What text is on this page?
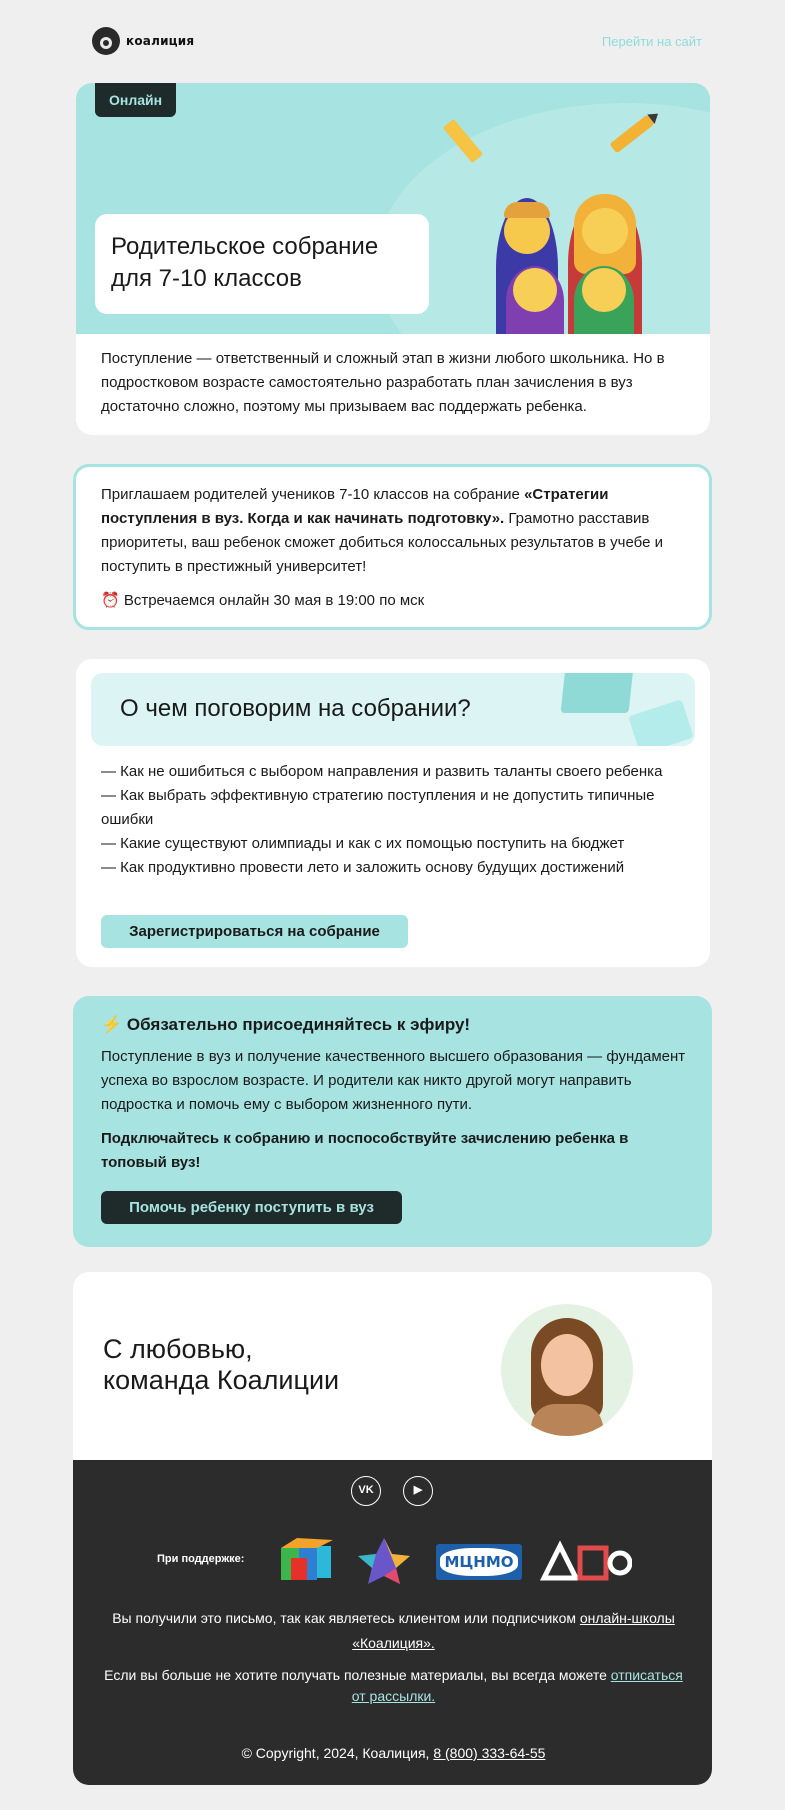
коалиция	Перейти на сайт
Онлайн
Родительское собрание для 7-10 классов
Поступление — ответственный и сложный этап в жизни любого школьника. Но в подростковом возрасте самостоятельно разработать план зачисления в вуз достаточно сложно, поэтому мы призываем вас поддержать ребенка.

Приглашаем родителей учеников 7-10 классов на собрание «Стратегии поступления в вуз. Когда и как начинать подготовку». Грамотно расставив приоритеты, ваш ребенок сможет добиться колоссальных результатов в учебе и поступить в престижный университет!

⏰ Встречаемся онлайн 30 мая в 19:00 по мск

О чем поговорим на собрании?
— Как не ошибиться с выбором направления и развить таланты своего ребенка
— Как выбрать эффективную стратегию поступления и не допустить типичные ошибки
— Какие существуют олимпиады и как с их помощью поступить на бюджет
— Как продуктивно провести лето и заложить основу будущих достижений
Зарегистрироваться на собрание
⚡ Обязательно присоединяйтесь к эфиру!
Поступление в вуз и получение качественного высшего образования — фундамент успеха во взрослом возрасте. И родители как никто другой могут направить подростка и помочь ему с выбором жизненного пути.
Подключайтесь к собранию и поспособствуйте зачислению ребенка в топовый вуз!
Помочь ребенку поступить в вуз
С любовью,
команда Коалиции
VK	▶
При поддержке:	МЦНМО
Вы получили это письмо, так как являетесь клиентом или подписчиком онлайн-школы «Коалиция».
Если вы больше не хотите получать полезные материалы, вы всегда можете отписаться от рассылки.
© Copyright, 2024, Коалиция, 8 (800) 333-64-55
